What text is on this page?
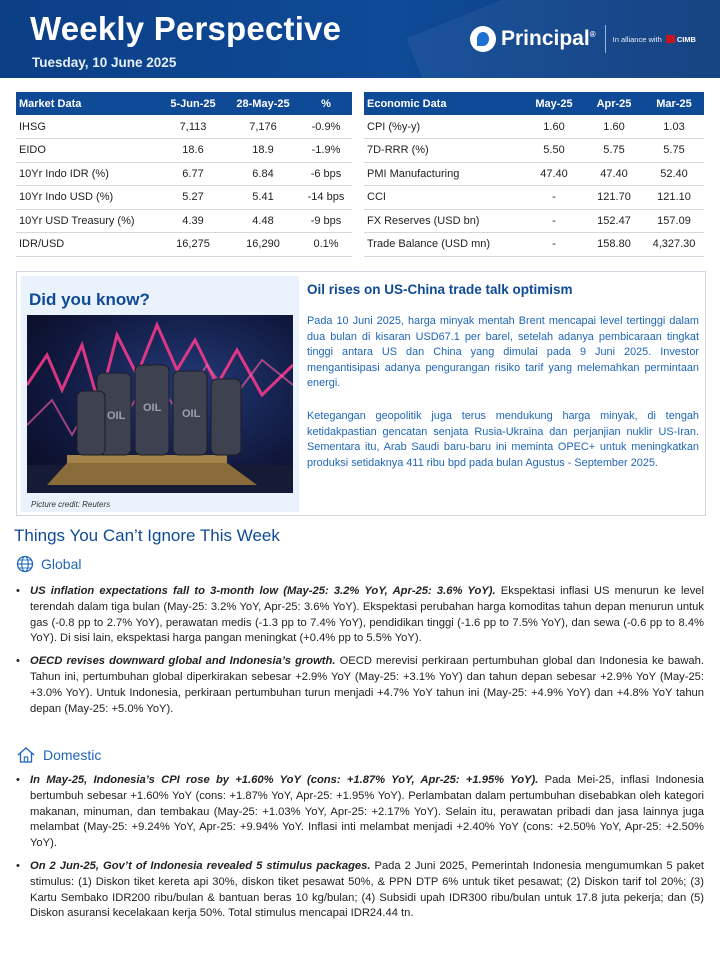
Weekly Perspective
Tuesday, 10 June 2025
Principal® In alliance with CIMB
Market Data	5-Jun-25	28-May-25	%
IHSG	7,113	7,176	-0.9%
EIDO	18.6	18.9	-1.9%
10Yr Indo IDR (%)	6.77	6.84	-6 bps
10Yr Indo USD (%)	5.27	5.41	-14 bps
10Yr USD Treasury (%)	4.39	4.48	-9 bps
IDR/USD	16,275	16,290	0.1%
Economic Data	May-25	Apr-25	Mar-25
CPI (%y-y)	1.60	1.60	1.03
7D-RRR (%)	5.50	5.75	5.75
PMI Manufacturing	47.40	47.40	52.40
CCI	-	121.70	121.10
FX Reserves (USD bn)	-	152.47	157.09
Trade Balance (USD mn)	-	158.80	4,327.30
Did you know?
OIL
OIL OIL
Picture credit: Reuters
Oil rises on US-China trade talk optimism

Pada 10 Juni 2025, harga minyak mentah Brent mencapai level tertinggi dalam dua bulan di kisaran USD67.1 per barel, setelah adanya pembicaraan tingkat tinggi antara US dan China yang dimulai pada 9 Juni 2025. Investor mengantisipasi adanya pengurangan risiko tarif yang melemahkan permintaan energi.

Ketegangan geopolitik juga terus mendukung harga minyak, di tengah ketidakpastian gencatan senjata Rusia-Ukraina dan perjanjian nuklir US-Iran. Sementara itu, Arab Saudi baru-baru ini meminta OPEC+ untuk meningkatkan produksi setidaknya 411 ribu bpd pada bulan Agustus - September 2025.

Things You Can’t Ignore This Week
Global
• US inflation expectations fall to 3-month low (May-25: 3.2% YoY, Apr-25: 3.6% YoY). Ekspektasi inflasi US menurun ke level terendah dalam tiga bulan (May-25: 3.2% YoY, Apr-25: 3.6% YoY). Ekspektasi perubahan harga komoditas tahun depan menurun untuk gas (-0.8 pp to 2.7% YoY), perawatan medis (-1.3 pp to 7.4% YoY), pendidikan tinggi (-1.6 pp to 7.5% YoY), dan sewa (-0.6 pp to 8.4% YoY). Di sisi lain, ekspektasi harga pangan meningkat (+0.4% pp to 5.5% YoY).
• OECD revises downward global and Indonesia’s growth. OECD merevisi perkiraan pertumbuhan global dan Indonesia ke bawah. Tahun ini, pertumbuhan global diperkirakan sebesar +2.9% YoY (May-25: +3.1% YoY) dan tahun depan sebesar +2.9% YoY (May-25: +3.0% YoY). Untuk Indonesia, perkiraan pertumbuhan turun menjadi +4.7% YoY tahun ini (May-25: +4.9% YoY) dan +4.8% YoY tahun depan (May-25: +5.0% YoY).
Domestic
• In May-25, Indonesia’s CPI rose by +1.60% YoY (cons: +1.87% YoY, Apr-25: +1.95% YoY). Pada Mei-25, inflasi Indonesia bertumbuh sebesar +1.60% YoY (cons: +1.87% YoY, Apr-25: +1.95% YoY). Perlambatan dalam pertumbuhan disebabkan oleh kategori makanan, minuman, dan tembakau (May-25: +1.03% YoY, Apr-25: +2.17% YoY). Selain itu, perawatan pribadi dan jasa lainnya juga melambat (May-25: +9.24% YoY, Apr-25: +9.94% YoY. Inflasi inti melambat menjadi +2.40% YoY (cons: +2.50% YoY, Apr-25: +2.50% YoY).
• On 2 Jun-25, Gov’t of Indonesia revealed 5 stimulus packages. Pada 2 Juni 2025, Pemerintah Indonesia mengumumkan 5 paket stimulus: (1) Diskon tiket kereta api 30%, diskon tiket pesawat 50%, & PPN DTP 6% untuk tiket pesawat; (2) Diskon tarif tol 20%; (3) Kartu Sembako IDR200 ribu/bulan & bantuan beras 10 kg/bulan; (4) Subsidi upah IDR300 ribu/bulan untuk 17.8 juta pekerja; dan (5) Diskon asuransi kecelakaan kerja 50%. Total stimulus mencapai IDR24.44 tn.
